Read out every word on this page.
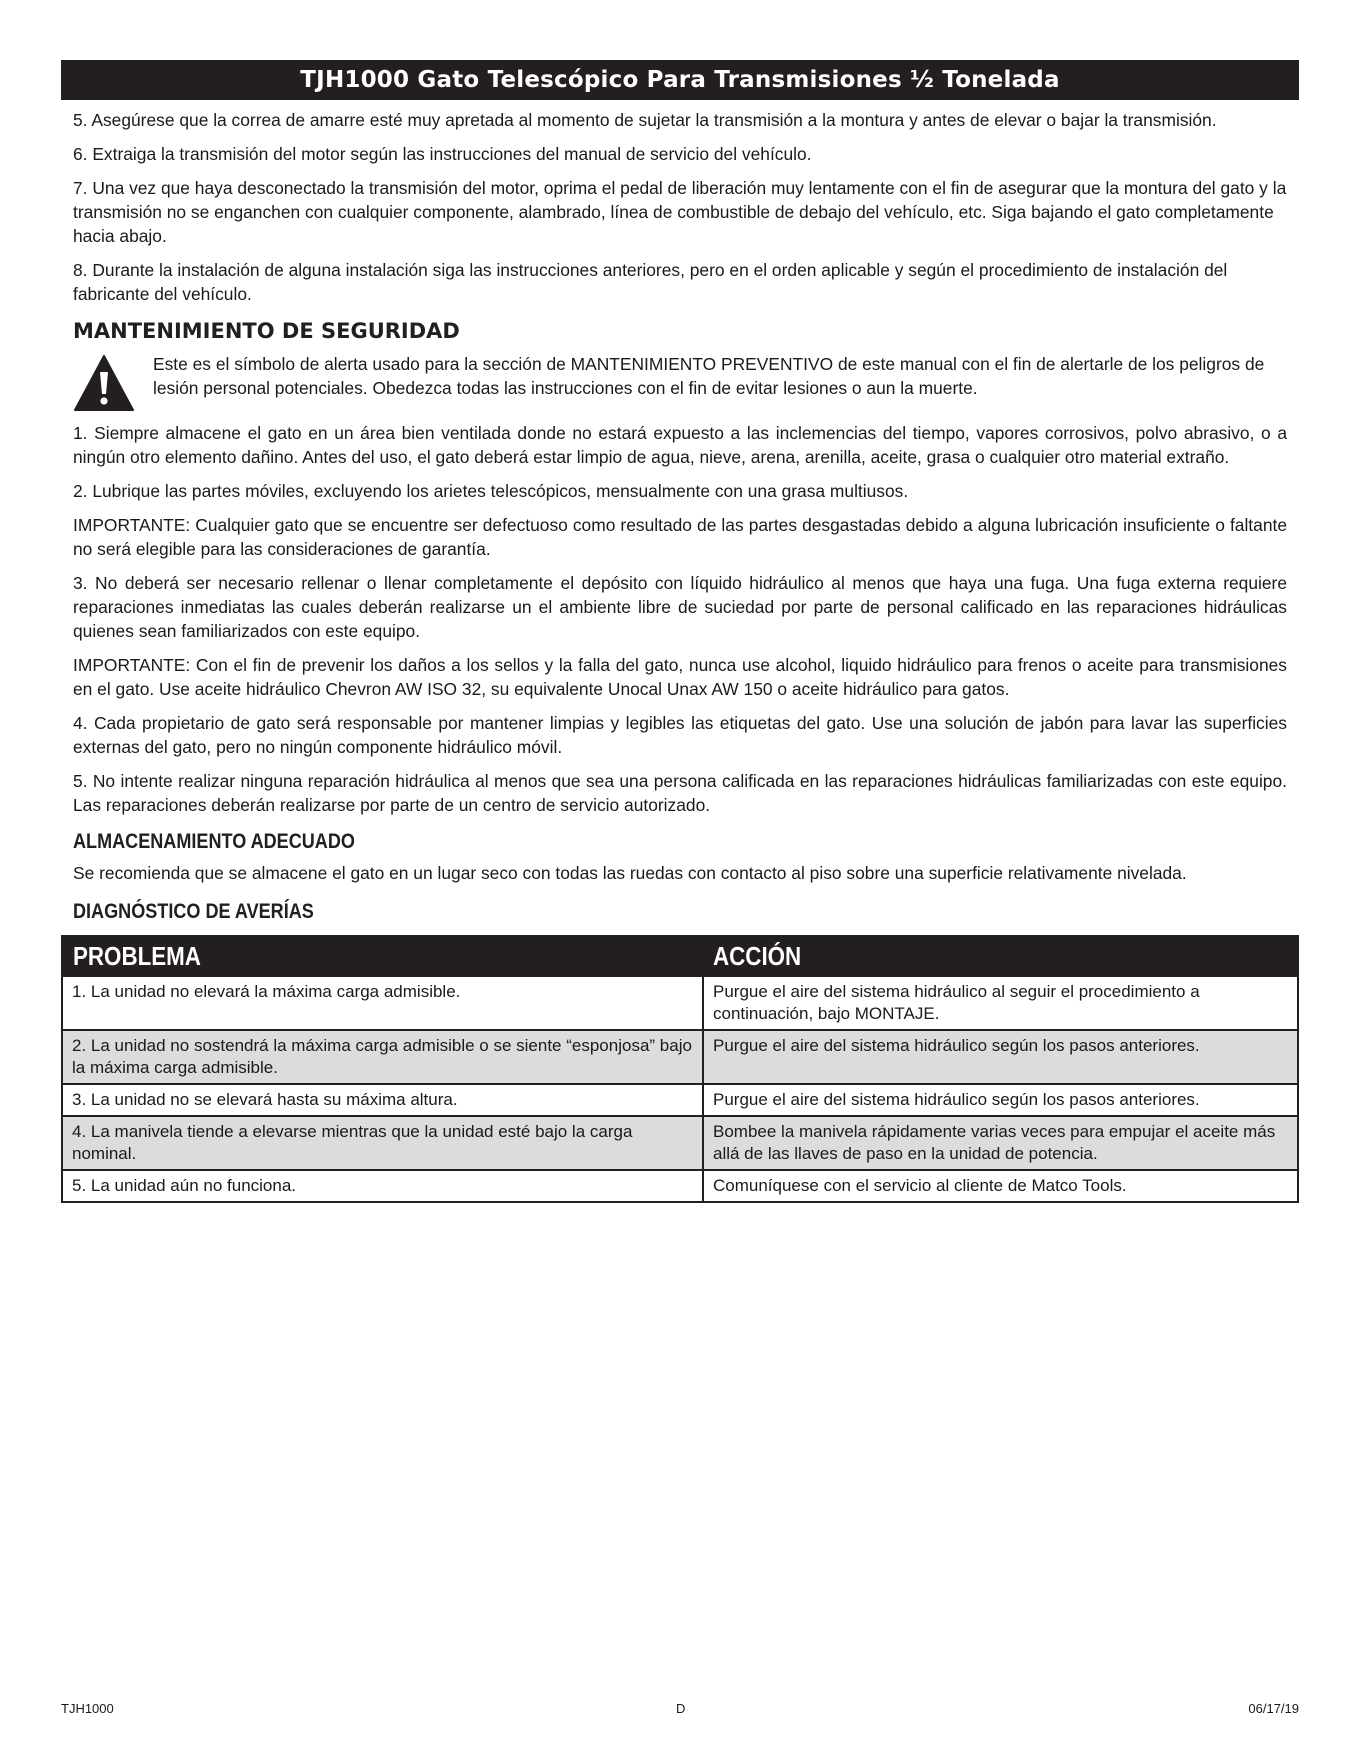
TJH1000 Gato Telescópico Para Transmisiones ½ Tonelada

5. Asegúrese que la correa de amarre esté muy apretada al momento de sujetar la transmisión a la montura y antes de elevar o bajar la transmisión.

6. Extraiga la transmisión del motor según las instrucciones del manual de servicio del vehículo.

7. Una vez que haya desconectado la transmisión del motor, oprima el pedal de liberación muy lentamente con el fin de asegurar que la montura del gato y la transmisión no se enganchen con cualquier componente, alambrado, línea de combustible de debajo del vehículo, etc. Siga bajando el gato completamente hacia abajo.

8. Durante la instalación de alguna instalación siga las instrucciones anteriores, pero en el orden aplicable y según el procedimiento de instalación del fabricante del vehículo.

MANTENIMIENTO DE SEGURIDAD

Este es el símbolo de alerta usado para la sección de MANTENIMIENTO PREVENTIVO de este manual con el fin de alertarle de los peligros de lesión personal potenciales. Obedezca todas las instrucciones con el fin de evitar lesiones o aun la muerte.

1. Siempre almacene el gato en un área bien ventilada donde no estará expuesto a las inclemencias del tiempo, vapores corrosivos, polvo abrasivo, o a ningún otro elemento dañino. Antes del uso, el gato deberá estar limpio de agua, nieve, arena, arenilla, aceite, grasa o cualquier otro material extraño.

2. Lubrique las partes móviles, excluyendo los arietes telescópicos, mensualmente con una grasa multiusos.

IMPORTANTE: Cualquier gato que se encuentre ser defectuoso como resultado de las partes desgastadas debido a alguna lubricación insuficiente o faltante no será elegible para las consideraciones de garantía.

3. No deberá ser necesario rellenar o llenar completamente el depósito con líquido hidráulico al menos que haya una fuga. Una fuga externa requiere reparaciones inmediatas las cuales deberán realizarse un el ambiente libre de suciedad por parte de personal calificado en las reparaciones hidráulicas quienes sean familiarizados con este equipo.

IMPORTANTE: Con el fin de prevenir los daños a los sellos y la falla del gato, nunca use alcohol, liquido hidráulico para frenos o aceite para transmisiones en el gato. Use aceite hidráulico Chevron AW ISO 32, su equivalente Unocal Unax AW 150 o aceite hidráulico para gatos.

4. Cada propietario de gato será responsable por mantener limpias y legibles las etiquetas del gato. Use una solución de jabón para lavar las superficies externas del gato, pero no ningún componente hidráulico móvil.

5. No intente realizar ninguna reparación hidráulica al menos que sea una persona calificada en las reparaciones hidráulicas familiarizadas con este equipo. Las reparaciones deberán realizarse por parte de un centro de servicio autorizado.

ALMACENAMIENTO ADECUADO

Se recomienda que se almacene el gato en un lugar seco con todas las ruedas con contacto al piso sobre una superficie relativamente nivelada.

DIAGNÓSTICO DE AVERÍAS
PROBLEMA	ACCIÓN
1. La unidad no elevará la máxima carga admisible.	Purgue el aire del sistema hidráulico al seguir el procedimiento a continuación, bajo MONTAJE.
2. La unidad no sostendrá la máxima carga admisible o se siente “esponjosa” bajo la máxima carga admisible.	Purgue el aire del sistema hidráulico según los pasos anteriores.
3. La unidad no se elevará hasta su máxima altura.	Purgue el aire del sistema hidráulico según los pasos anteriores.
4. La manivela tiende a elevarse mientras que la unidad esté bajo la carga nominal.	Bombee la manivela rápidamente varias veces para empujar el aceite más allá de las llaves de paso en la unidad de potencia.
5. La unidad aún no funciona.	Comuníquese con el servicio al cliente de Matco Tools.
TJH1000	D	06/17/19
